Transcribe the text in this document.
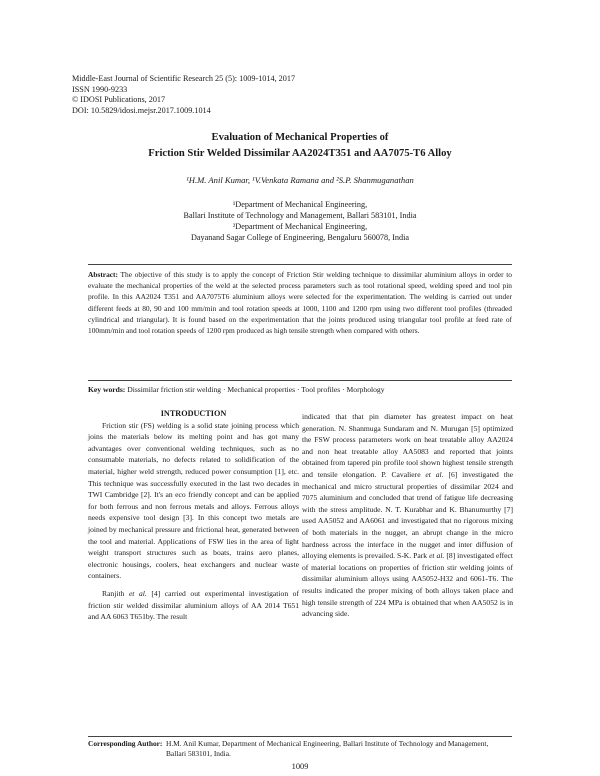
Middle-East Journal of Scientific Research 25 (5): 1009-1014, 2017
ISSN 1990-9233
© IDOSI Publications, 2017
DOI: 10.5829/idosi.mejsr.2017.1009.1014
Evaluation of Mechanical Properties of
Friction Stir Welded Dissimilar AA2024T351 and AA7075-T6 Alloy
¹H.M. Anil Kumar, ¹V.Venkata Ramana and ²S.P. Shanmuganathan
¹Department of Mechanical Engineering,
Ballari Institute of Technology and Management, Ballari 583101, India
²Department of Mechanical Engineering,
Dayanand Sagar College of Engineering, Bengaluru 560078, India
Abstract: The objective of this study is to apply the concept of Friction Stir welding technique to dissimilar aluminium alloys in order to evaluate the mechanical properties of the weld at the selected process parameters such as tool rotational speed, welding speed and tool pin profile. In this AA2024 T351 and AA7075T6 aluminium alloys were selected for the experimentation. The welding is carried out under different feeds at 80, 90 and 100 mm/min and tool rotation speeds at 1000, 1100 and 1200 rpm using two different tool profiles (threaded cylindrical and triangular). It is found based on the experimentation that the joints produced using triangular tool profile at feed rate of 100mm/min and tool rotation speeds of 1200 rpm produced as high tensile strength when compared with others.
Key words: Dissimilar friction stir welding · Mechanical properties · Tool profiles · Morphology

INTRODUCTION

Friction stir (FS) welding is a solid state joining process which joins the materials below its melting point and has got many advantages over conventional welding techniques, such as no consumable materials, no defects related to solidification of the material, higher weld strength, reduced power consumption [1], etc. This technique was successfully executed in the last two decades in TWI Cambridge [2]. It's an eco friendly concept and can be applied for both ferrous and non ferrous metals and alloys. Ferrous alloys needs expensive tool design [3]. In this concept two metals are joined by mechanical pressure and frictional heat, generated between the tool and material. Applications of FSW lies in the area of light weight transport structures such as boats, trains aero planes, electronic housings, coolers, heat exchangers and nuclear waste containers.

Ranjith et al. [4] carried out experimental investigation of friction stir welded dissimilar aluminium alloys of AA 2014 T651 and AA 6063 T651by. The result

indicated that that pin diameter has greatest impact on heat generation. N. Shanmuga Sundaram and N. Murugan [5] optimized the FSW process parameters work on heat treatable alloy AA2024 and non heat treatable alloy AA5083 and reported that joints obtained from tapered pin profile tool shown highest tensile strength and tensile elongation. P. Cavaliere et al. [6] investigated the mechanical and micro structural properties of dissimilar 2024 and 7075 aluminium and concluded that trend of fatigue life decreasing with the stress amplitude. N. T. Kurabhar and K. Bhanumurthy [7] used AA5052 and AA6061 and investigated that no rigorous mixing of both materials in the nugget, an abrupt change in the micro hardness across the interface in the nugget and inter diffusion of alloying elements is prevailed. S-K. Park et al. [8] investigated effect of material locations on properties of friction stir welding joints of dissimilar aluminium alloys using AA5052-H32 and 6061-T6. The results indicated the proper mixing of both alloys taken place and high tensile strength of 224 MPa is obtained that when AA5052 is in advancing side.

Corresponding Author: H.M. Anil Kumar, Department of Mechanical Engineering, Ballari Institute of Technology and Management, Ballari 583101, India.
1009
